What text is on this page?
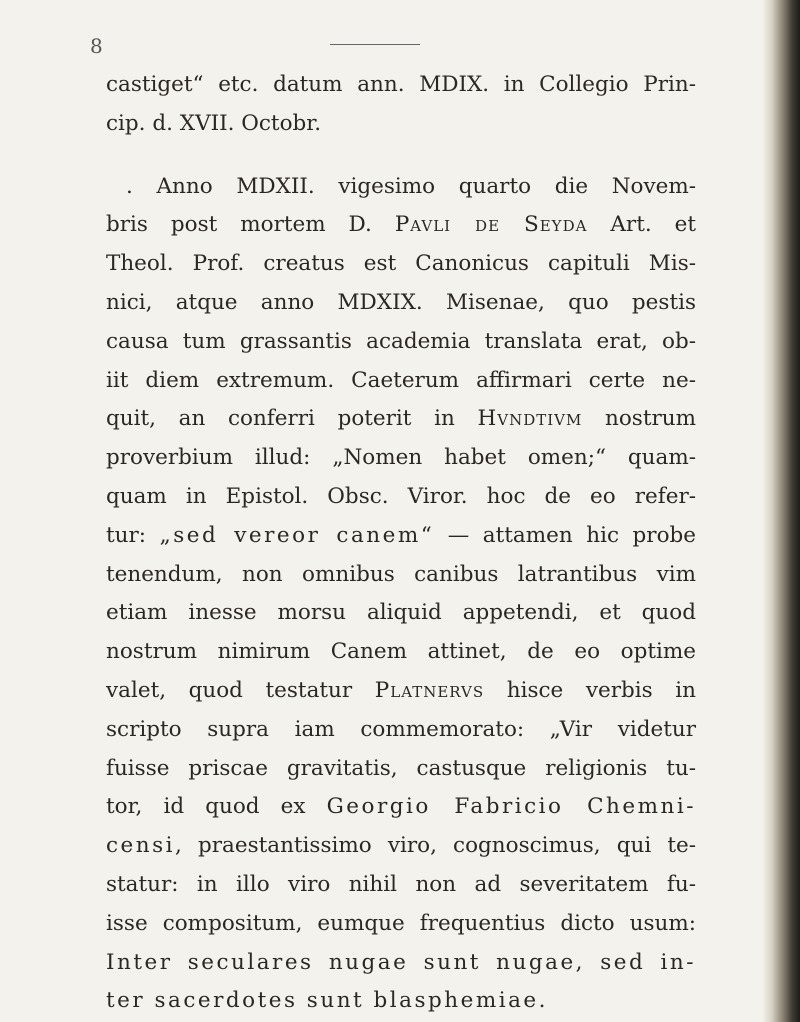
8
castiget“ etc. datum ann. MDIX. in Collegio Prin-
cip. d. XVII. Octobr.
. Anno MDXII. vigesimo quarto die Novem-
bris post mortem D. Pavli de Seyda Art. et
Theol. Prof. creatus est Canonicus capituli Mis-
nici, atque anno MDXIX. Misenae, quo pestis
causa tum grassantis academia translata erat, ob-
iit diem extremum. Caeterum affirmari certe ne-
quit, an conferri poterit in Hvndtivm nostrum
proverbium illud: „Nomen habet omen;“ quam-
quam in Epistol. Obsc. Viror. hoc de eo refer-
tur: „sed vereor canem“ — attamen hic probe
tenendum, non omnibus canibus latrantibus vim
etiam inesse morsu aliquid appetendi, et quod
nostrum nimirum Canem attinet, de eo optime
valet, quod testatur Platnervs hisce verbis in
scripto supra iam commemorato: „Vir videtur
fuisse priscae gravitatis, castusque religionis tu-
tor, id quod ex Georgio Fabricio Chemni-
censi, praestantissimo viro, cognoscimus, qui te-
statur: in illo viro nihil non ad severitatem fu-
isse compositum, eumque frequentius dicto usum:
Inter seculares nugae sunt nugae, sed in-
ter sacerdotes sunt blasphemiae.
